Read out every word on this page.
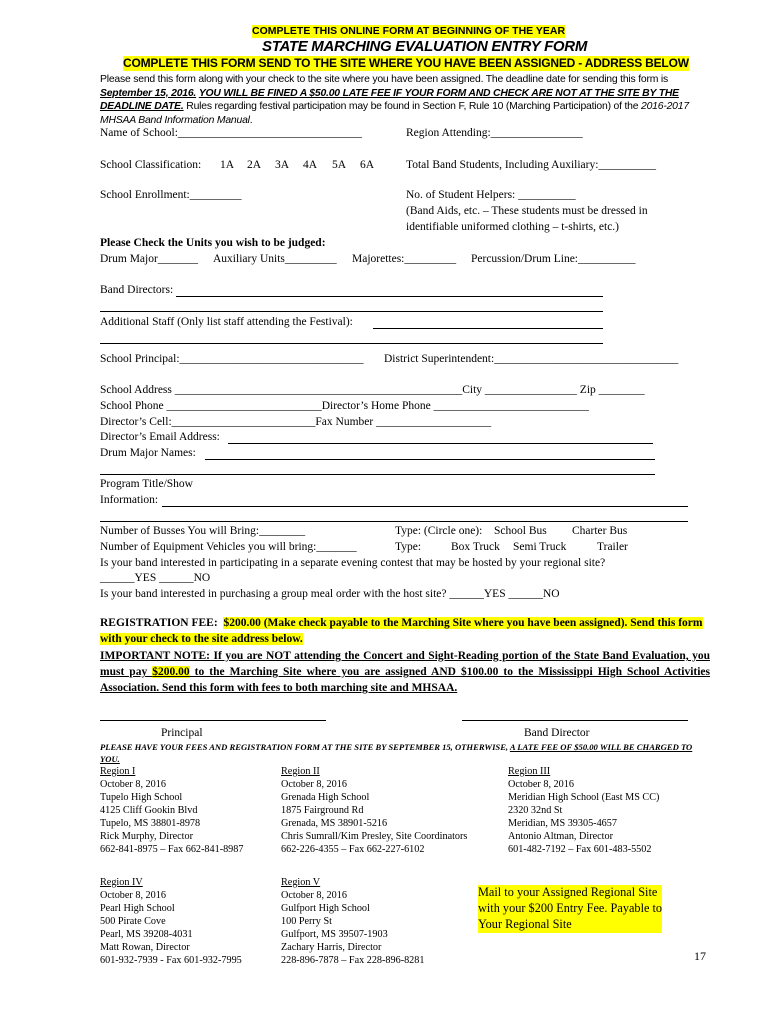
COMPLETE THIS ONLINE FORM AT BEGINNING OF THE YEAR
STATE MARCHING EVALUATION ENTRY FORM
COMPLETE THIS FORM SEND TO THE SITE WHERE YOU HAVE BEEN ASSIGNED - ADDRESS BELOW
Please send this form along with your check to the site where you have been assigned. The deadline date for sending this form is September 15, 2016. YOU WILL BE FINED A $50.00 LATE FEE IF YOUR FORM AND CHECK ARE NOT AT THE SITE BY THE DEADLINE DATE. Rules regarding festival participation may be found in Section F, Rule 10 (Marching Participation) of the 2016-2017 MHSAA Band Information Manual.
Name of School:________________________________	Region Attending:________________
School Classification: 1A 2A 3A 4A 5A 6A	Total Band Students, Including Auxiliary:__________
School Enrollment:_________	No. of Student Helpers: __________
(Band Aids, etc. – These students must be dressed in
identifiable uniformed clothing – t-shirts, etc.)
Please Check the Units you wish to be judged:
Drum Major_______ Auxiliary Units_________ Majorettes:_________ Percussion/Drum Line:__________
Band Directors:
Additional Staff (Only list staff attending the Festival):
School Principal:________________________________ District Superintendent:________________________________
School Address __________________________________________________City ________________ Zip ________
School Phone ___________________________Director’s Home Phone ___________________________
Director’s Cell:_________________________Fax Number ____________________
Director’s Email Address:
Drum Major Names:
Program Title/Show
Information:
Number of Busses You will Bring:________	Type: (Circle one): School Bus Charter Bus
Number of Equipment Vehicles you will bring:_______	Type:	Box Truck Semi Truck	Trailer
Is your band interested in participating in a separate evening contest that may be hosted by your regional site?
______YES ______NO
Is your band interested in purchasing a group meal order with the host site? ______YES ______NO
REGISTRATION FEE: $200.00 (Make check payable to the Marching Site where you have been assigned). Send this form with your check to the site address below.
IMPORTANT NOTE: If you are NOT attending the Concert and Sight-Reading portion of the State Band Evaluation, you must pay $200.00 to the Marching Site where you are assigned AND $100.00 to the Mississippi High School Activities Association. Send this form with fees to both marching site and MHSAA.
Principal	Band Director
PLEASE HAVE YOUR FEES AND REGISTRATION FORM AT THE SITE BY SEPTEMBER 15, OTHERWISE, A LATE FEE OF $50.00 WILL BE CHARGED TO YOU.
Region I
October 8, 2016
Tupelo High School
4125 Cliff Gookin Blvd
Tupelo, MS 38801-8978
Rick Murphy, Director
662-841-8975 – Fax 662-841-8987
Region II
October 8, 2016
Grenada High School
1875 Fairground Rd
Grenada, MS 38901-5216
Chris Sumrall/Kim Presley, Site Coordinators
662-226-4355 – Fax 662-227-6102
Region III
October 8, 2016
Meridian High School (East MS CC)
2320 32nd St
Meridian, MS 39305-4657
Antonio Altman, Director
601-482-7192 – Fax 601-483-5502
Region IV
October 8, 2016
Pearl High School
500 Pirate Cove
Pearl, MS 39208-4031
Matt Rowan, Director
601-932-7939 - Fax 601-932-7995
Region V
October 8, 2016
Gulfport High School
100 Perry St
Gulfport, MS 39507-1903
Zachary Harris, Director
228-896-7878 – Fax 228-896-8281
Mail to your Assigned Regional Site
with your $200 Entry Fee. Payable to
Your Regional Site
17
